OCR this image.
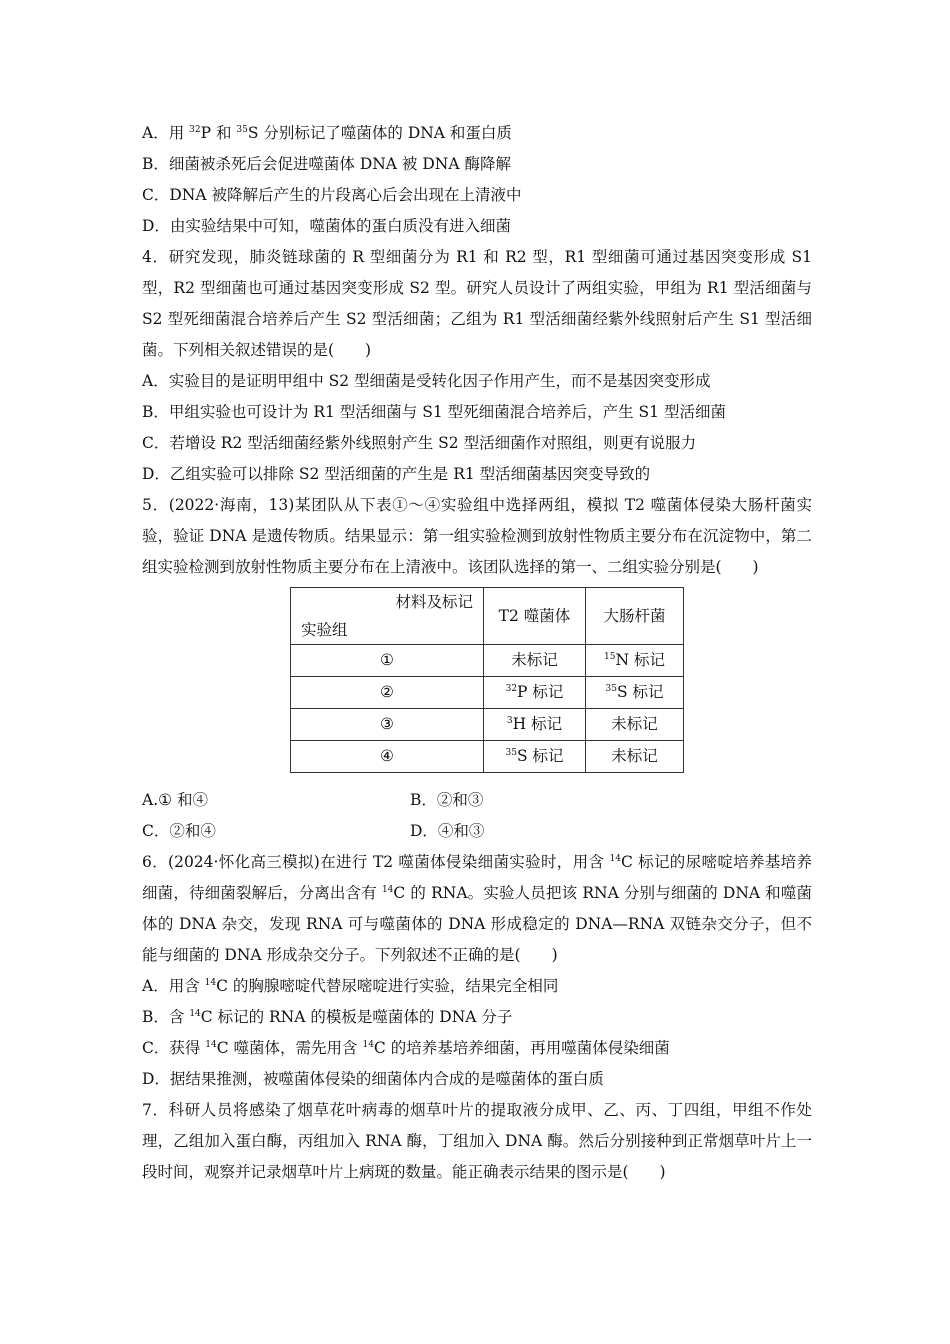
A．用 $^{32}$P 和 $^{35}$S 分别标记了噬菌体的 DNA 和蛋白质
B．细菌被杀死后会促进噬菌体 DNA 被 DNA 酶降解
C．DNA 被降解后产生的片段离心后会出现在上清液中
D．由实验结果中可知，噬菌体的蛋白质没有进入细菌
4．研究发现，肺炎链球菌的 R 型细菌分为 R1 和 R2 型，R1 型细菌可通过基因突变形成 S1 型，R2 型细菌也可通过基因突变形成 S2 型。研究人员设计了两组实验，甲组为 R1 型活细菌与 S2 型死细菌混合培养后产生 S2 型活细菌；乙组为 R1 型活细菌经紫外线照射后产生 S1 型活细菌。下列相关叙述错误的是(　　)
A．实验目的是证明甲组中 S2 型细菌是受转化因子作用产生，而不是基因突变形成
B．甲组实验也可设计为 R1 型活细菌与 S1 型死细菌混合培养后，产生 S1 型活细菌
C．若增设 R2 型活细菌经紫外线照射产生 S2 型活细菌作对照组，则更有说服力
D．乙组实验可以排除 S2 型活细菌的产生是 R1 型活细菌基因突变导致的
5．(2022·海南，13)某团队从下表①～④实验组中选择两组，模拟 T2 噬菌体侵染大肠杆菌实验，验证 DNA 是遗传物质。结果显示：第一组实验检测到放射性物质主要分布在沉淀物中，第二组实验检测到放射性物质主要分布在上清液中。该团队选择的第一、二组实验分别是(　　)
材料及标记
实验组	T2 噬菌体	大肠杆菌
①	未标记	$^{15}$N 标记
②	$^{32}$P 标记	$^{35}$S 标记
③	$^3$H 标记	未标记
④	$^{35}$S 标记	未标记
A.① 和④	B．②和③
C．②和④	D．④和③
6．(2024·怀化高三模拟)在进行 T2 噬菌体侵染细菌实验时，用含 $^{14}$C 标记的尿嘧啶培养基培养细菌，待细菌裂解后，分离出含有 $^{14}$C 的 RNA。实验人员把该 RNA 分别与细菌的 DNA 和噬菌体的 DNA 杂交，发现 RNA 可与噬菌体的 DNA 形成稳定的 DNA—RNA 双链杂交分子，但不能与细菌的 DNA 形成杂交分子。下列叙述不正确的是(　　)
A．用含 $^{14}$C 的胸腺嘧啶代替尿嘧啶进行实验，结果完全相同
B．含 $^{14}$C 标记的 RNA 的模板是噬菌体的 DNA 分子
C．获得 $^{14}$C 噬菌体，需先用含 $^{14}$C 的培养基培养细菌，再用噬菌体侵染细菌
D．据结果推测，被噬菌体侵染的细菌体内合成的是噬菌体的蛋白质
7．科研人员将感染了烟草花叶病毒的烟草叶片的提取液分成甲、乙、丙、丁四组，甲组不作处理，乙组加入蛋白酶，丙组加入 RNA 酶，丁组加入 DNA 酶。然后分别接种到正常烟草叶片上一段时间，观察并记录烟草叶片上病斑的数量。能正确表示结果的图示是(　　)
